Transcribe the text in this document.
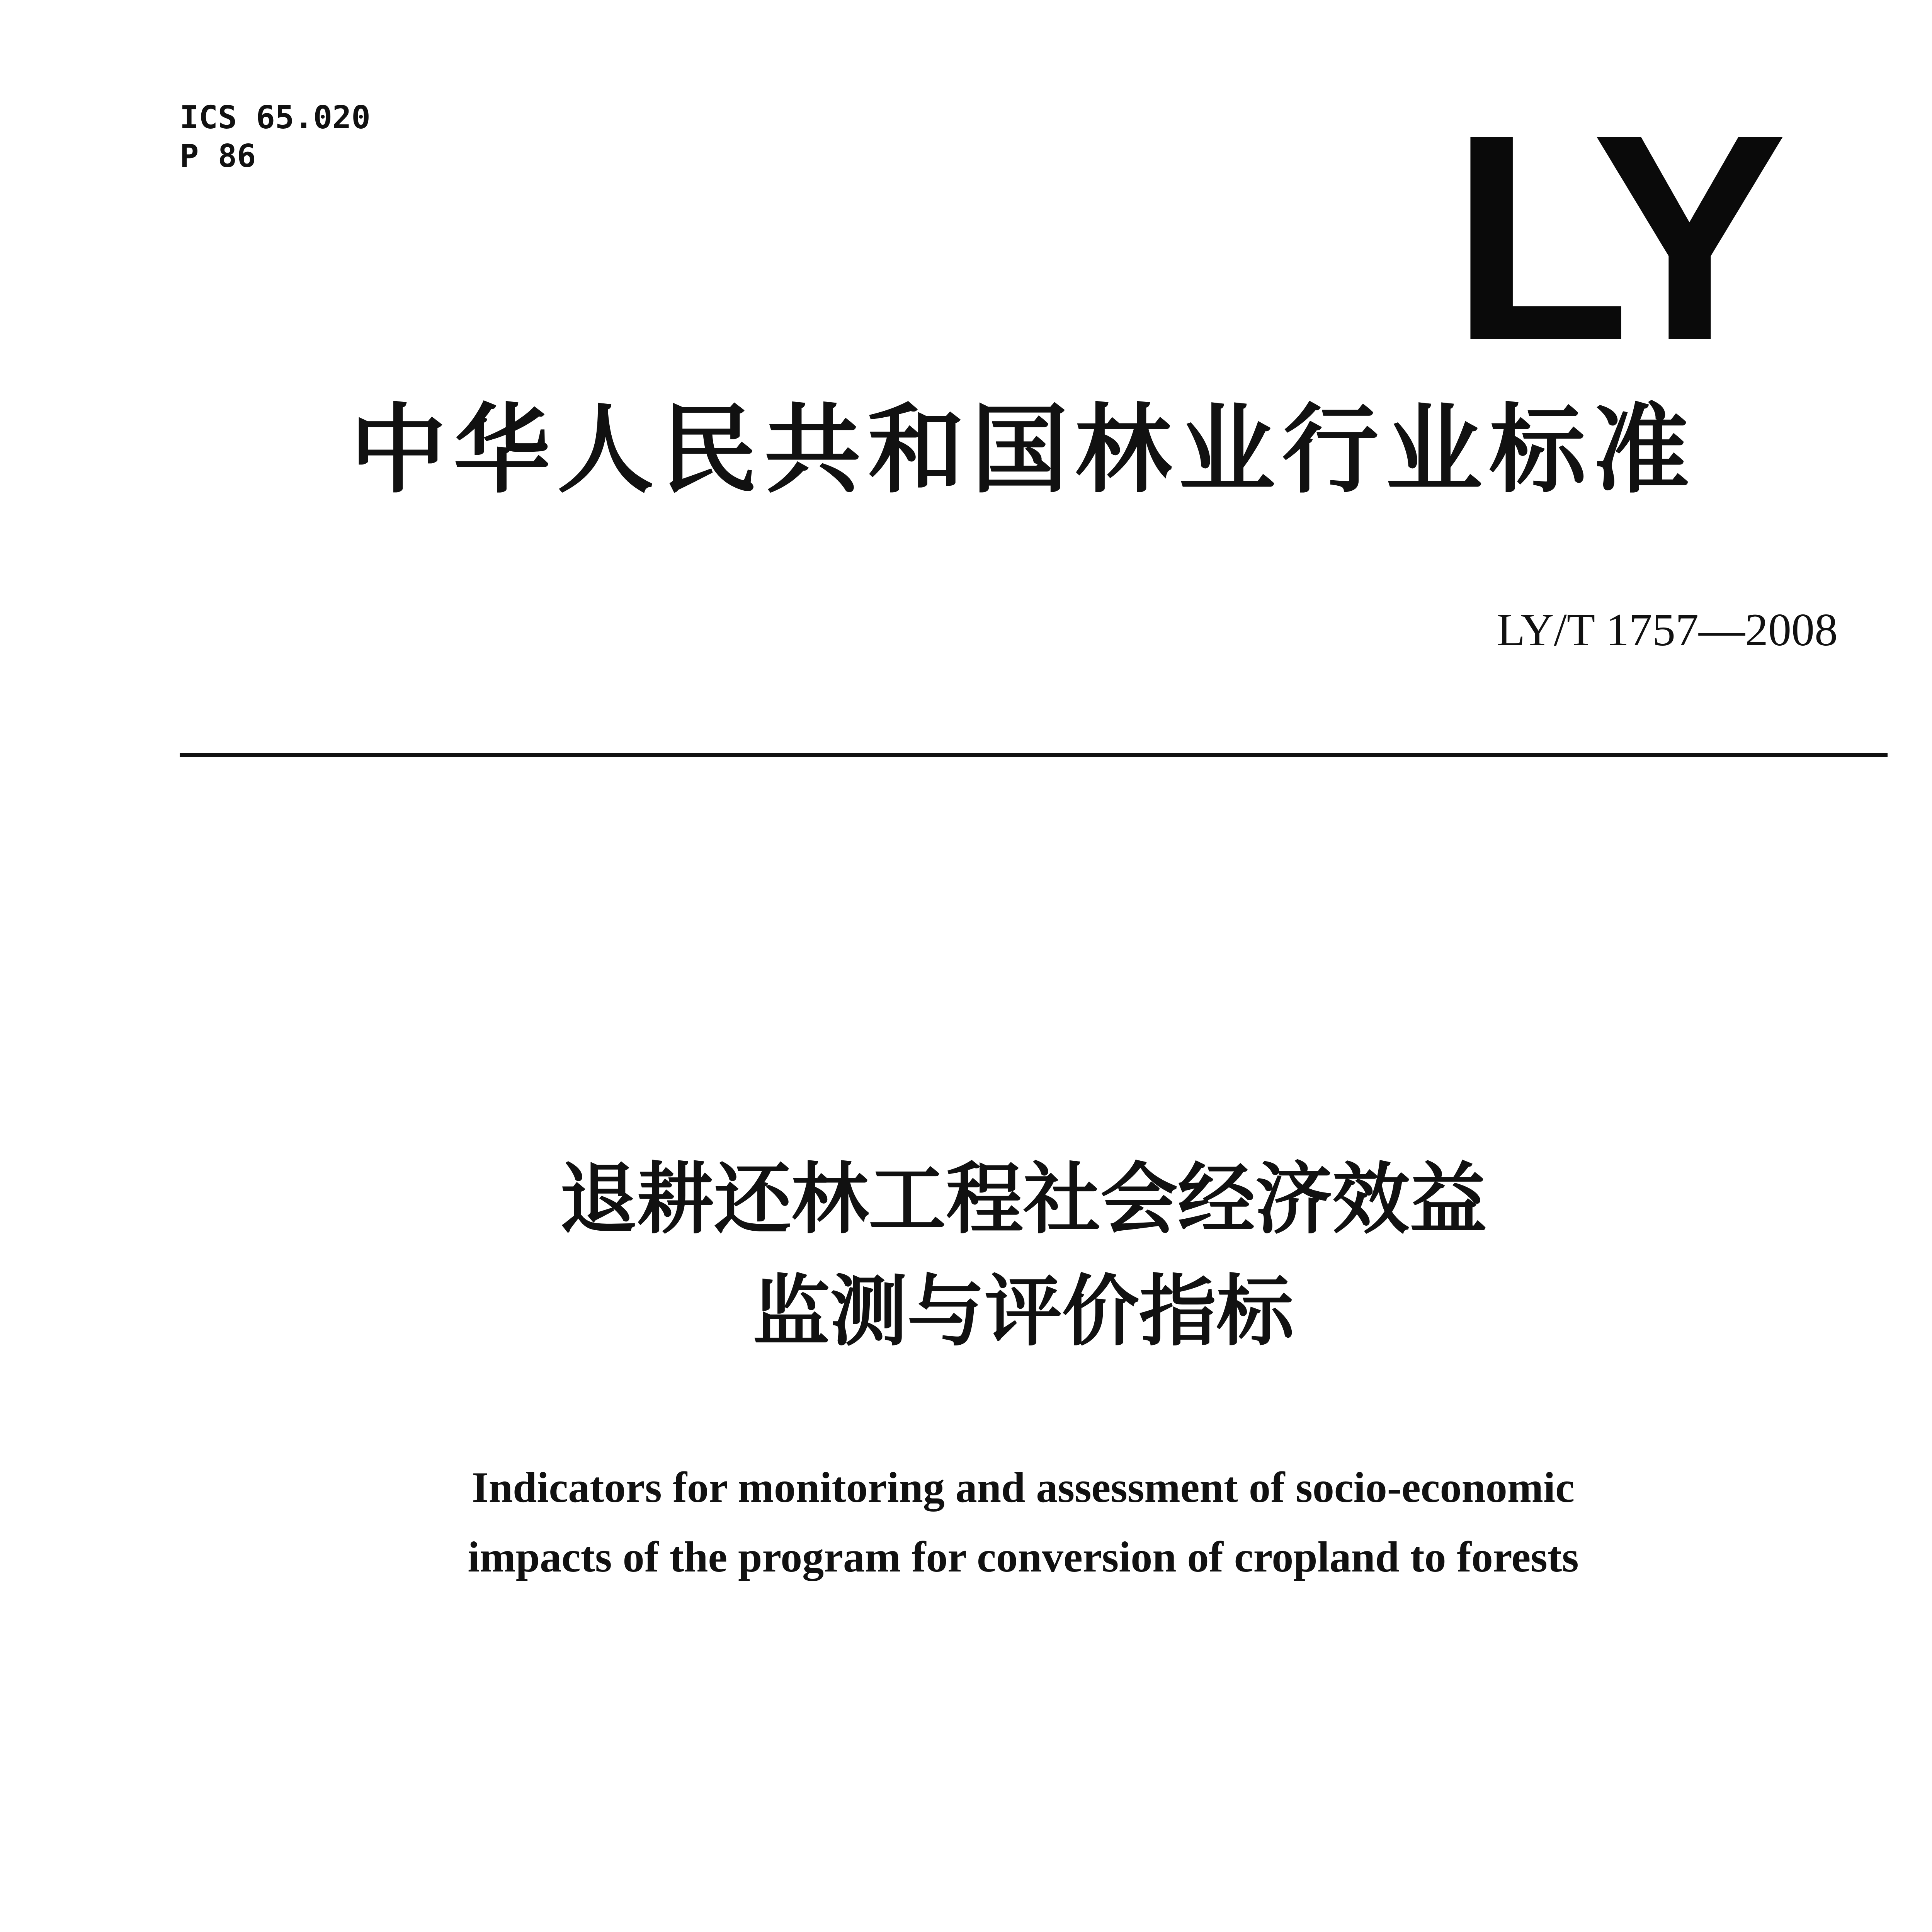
ICS 65.020
P 86	LY
中华人民共和国林业行业标准
LY/T 1757—2008
退耕还林工程社会经济效益
监测与评价指标
Indicators for monitoring and assessment of socio-economic
impacts of the program for conversion of cropland to forests
